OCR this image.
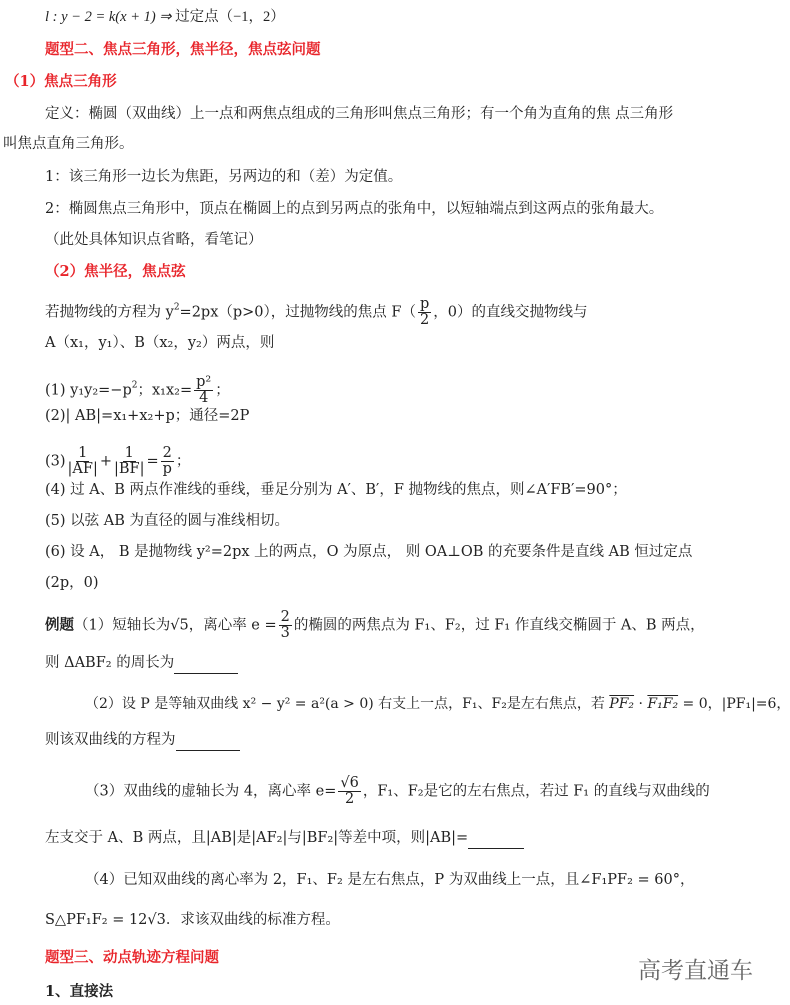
l : y − 2 = k(x + 1) ⇒ 过定点（−1，2）
题型二、焦点三角形，焦半径，焦点弦问题
（1）焦点三角形
定义：椭圆（双曲线）上一点和两焦点组成的三角形叫焦点三角形；有一个角为直角的焦 点三角形
叫焦点直角三角形。
1：该三角形一边长为焦距，另两边的和（差）为定值。
2：椭圆焦点三角形中，顶点在椭圆上的点到另两点的张角中，以短轴端点到这两点的张角最大。
（此处具体知识点省略，看笔记）
（2）焦半径，焦点弦
若抛物线的方程为 $y^2=2px(p>0)$，过抛物线的焦点 $F( \frac{p}{2}$ ，0）的直线交抛物线与
A（x₁，y₁）、B（x₂，y₂）两点，则
(1) $y_1y_2=-p^2$；$x_1x_2= \frac{\text{p²}}{4}$ ；
(2)| AB|=x₁+x₂+p；通径=2P
$(3) \frac{1}{|AF|} + \frac{1}{|BF|} = \frac{2}{p}$ ；
(4) 过 A、B 两点作准线的垂线，垂足分别为 A′、B′，F 抛物线的焦点，则∠A′FB′=90°；
(5) 以弦 AB 为直径的圆与准线相切。
(6) 设 A， B 是抛物线 y²=2px 上的两点，O 为原点， 则 OA⊥OB 的充要条件是直线 AB 恒过定点
(2p，0)
例题（1）短轴长为√5，离心率 $e = \frac{2}{3}$ 的椭圆的两焦点为 F₁、F₂，过 F₁ 作直线交椭圆于 A、B 两点，
则 ΔABF₂ 的周长为
（2）设 P 是等轴双曲线 x² − y² = a²(a > 0) 右支上一点，F₁、F₂是左右焦点，若 PF₂ · F₁F₂ = 0，|PF₁|=6，
则该双曲线的方程为
（3）双曲线的虚轴长为 4，离心率 $e= \frac{√6}{2}$ ，F₁、F₂是它的左右焦点，若过 F₁ 的直线与双曲线的
左支交于 A、B 两点，且|AB|是|AF₂|与|BF₂|等差中项，则|AB|=
（4）已知双曲线的离心率为 2，F₁、F₂ 是左右焦点，P 为双曲线上一点，且∠F₁PF₂ = 60°，
S△PF₁F₂ = 12√3．求该双曲线的标准方程。
题型三、动点轨迹方程问题
1、直接法
高考直通车
